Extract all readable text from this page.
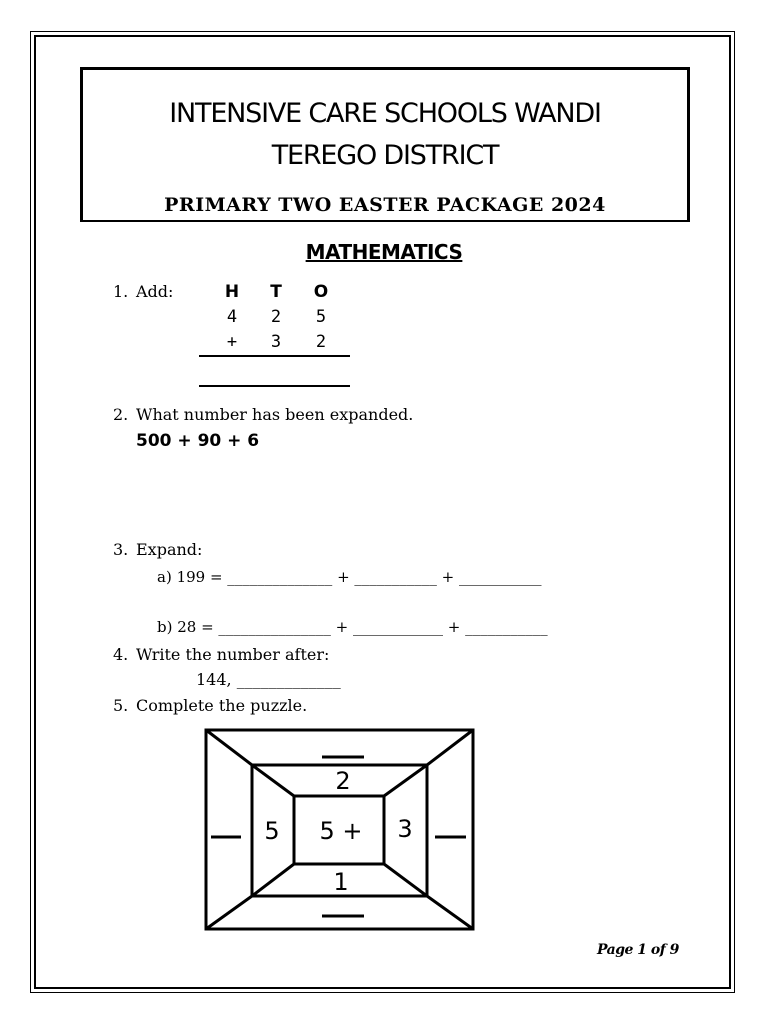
INTENSIVE CARE SCHOOLS WANDI
TEREGO DISTRICT
PRIMARY TWO EASTER PACKAGE 2024
MATHEMATICS
1. Add:	H T O
4 2 5
+ 3 2
2. What number has been expanded.
500 + 90 + 6
3. Expand:
a) 199 = ______________ + ___________ + ___________
b) 28 = _______________ + ____________ + ___________
4. Write the number after:
144, _____________
5. Complete the puzzle.
2
5 5 + 3
1
Page 1 of 9
